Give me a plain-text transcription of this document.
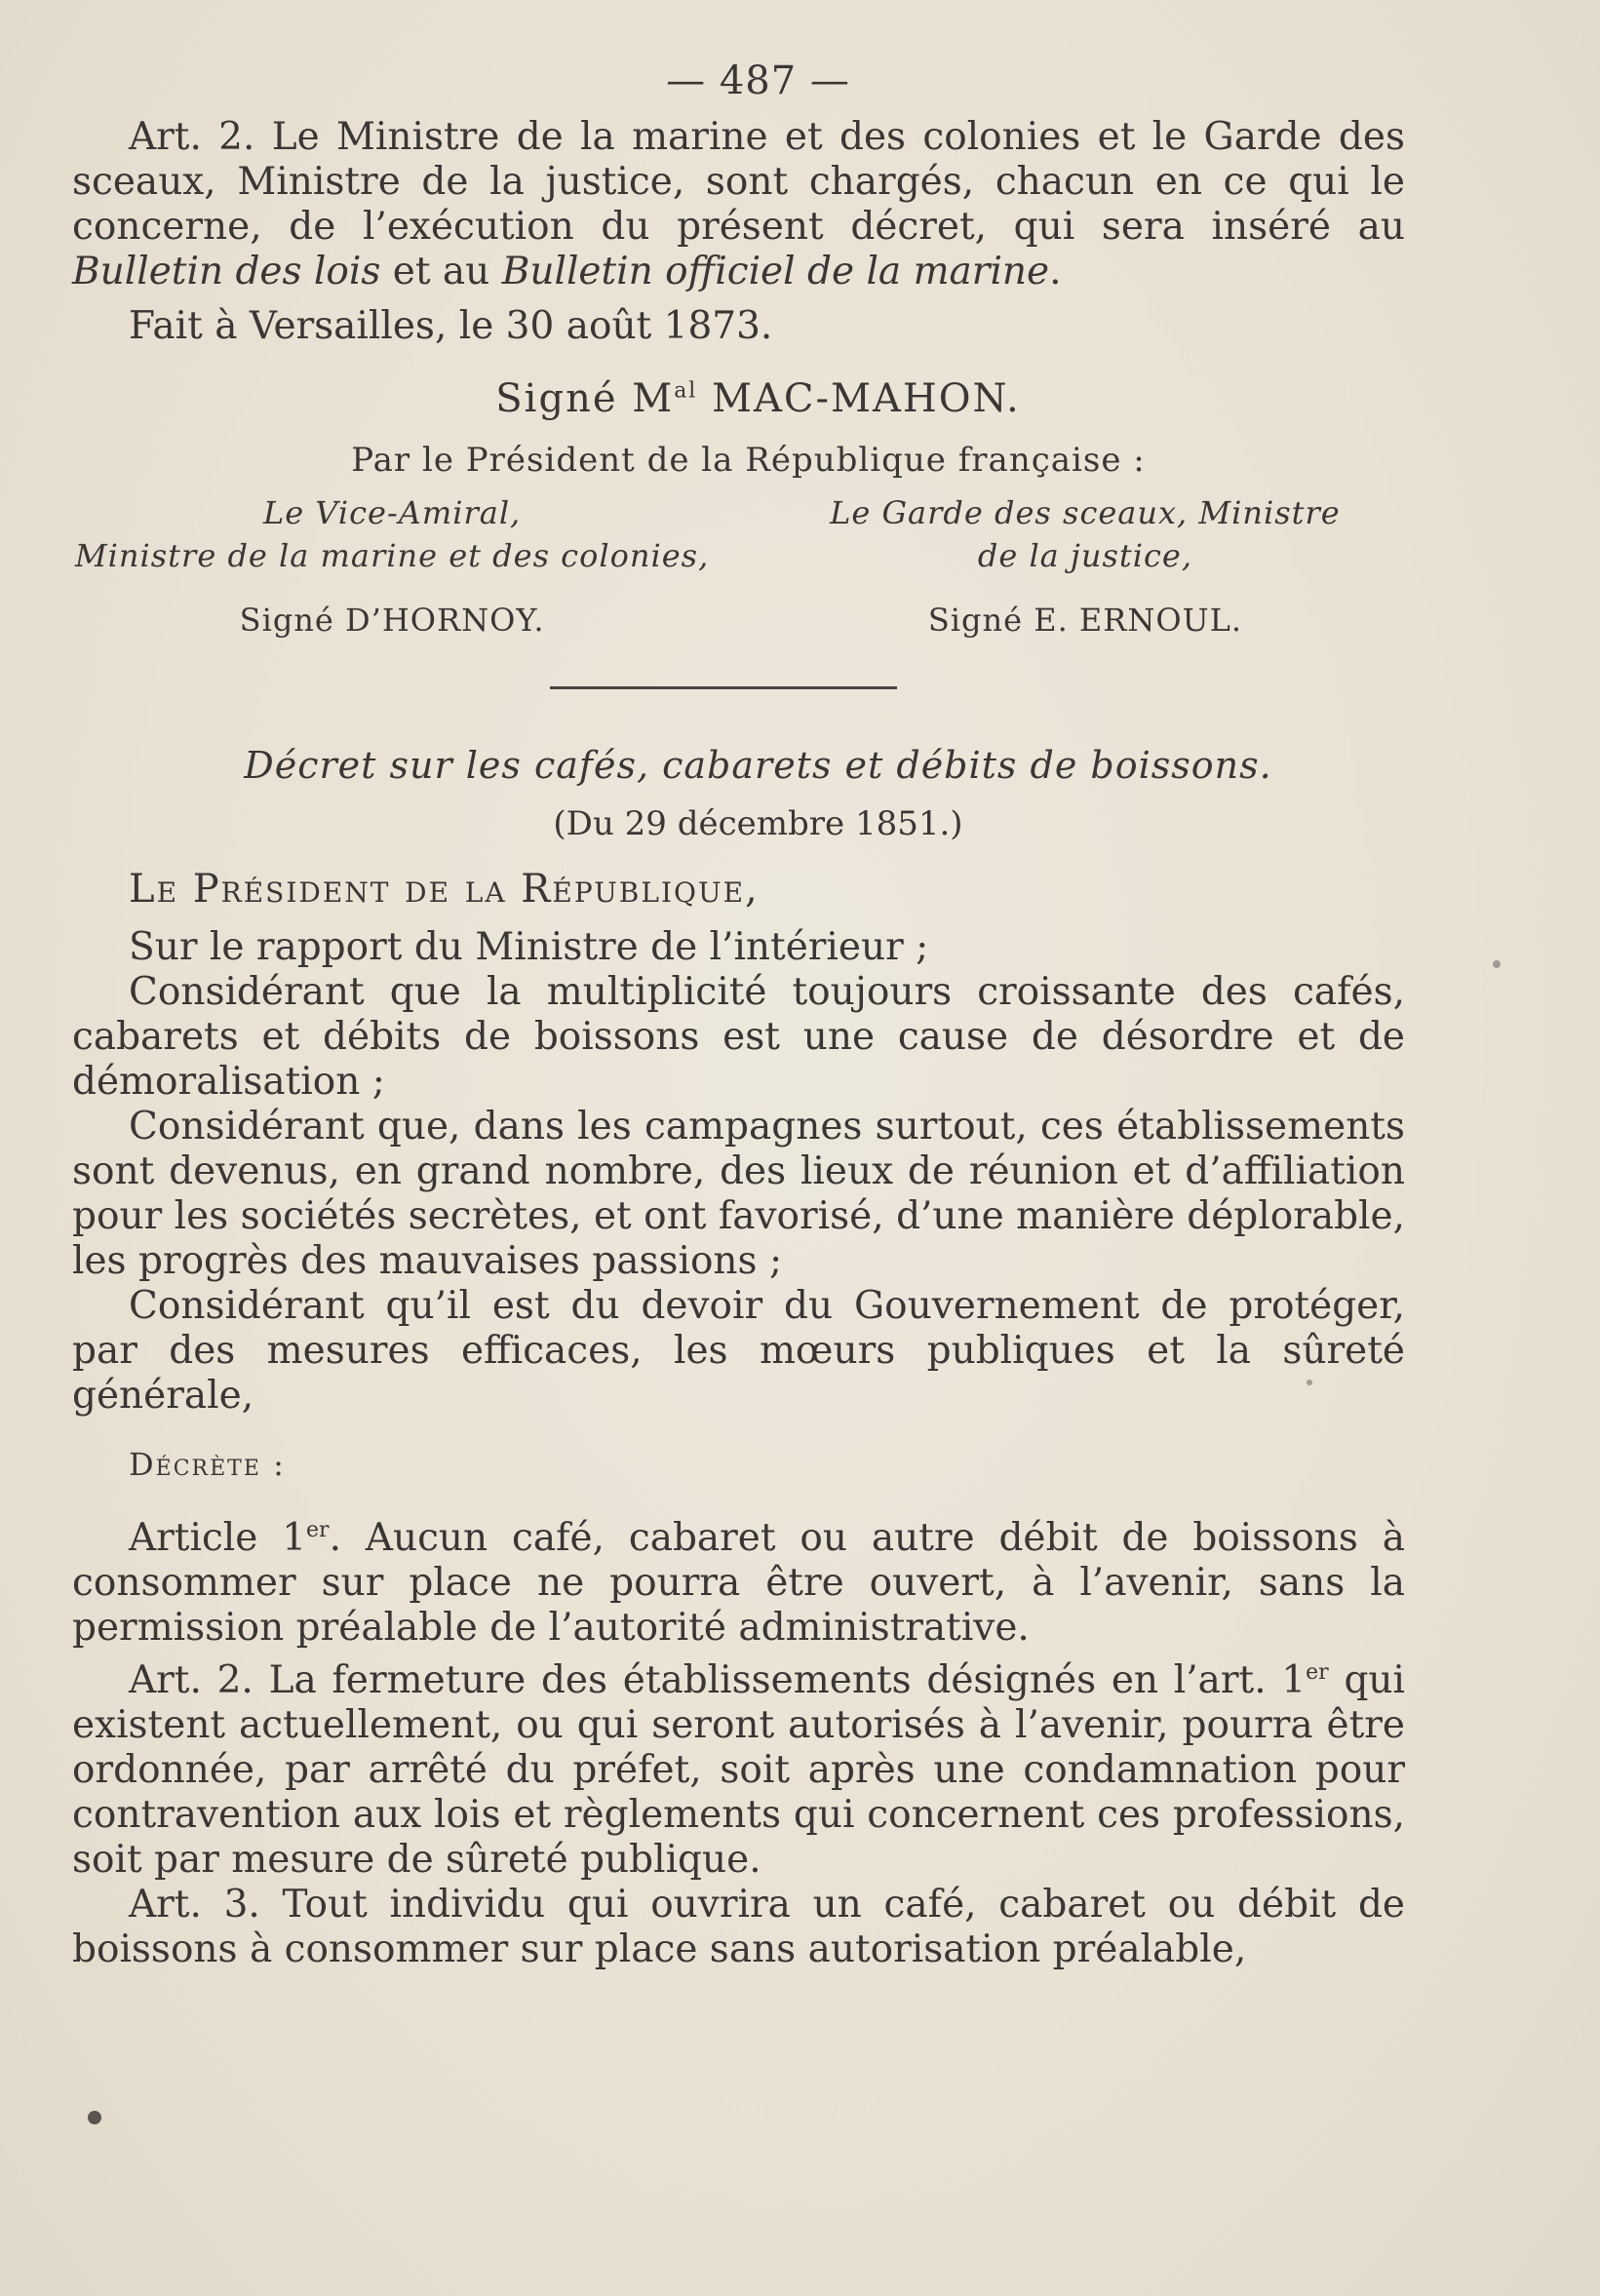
— 487 —

Art. 2. Le Ministre de la marine et des colonies et le Garde des sceaux, Ministre de la justice, sont chargés, chacun en ce qui le concerne, de l’exécution du présent décret, qui sera inséré au Bulletin des lois et au Bulletin officiel de la marine.

Fait à Versailles, le 30 août 1873.

Signé $M^{al}$ MAC-MAHON.
Par le Président de la République française :
Le Vice-Amiral,
Ministre de la marine et des colonies,
Signé D’HORNOY.
Le Garde des sceaux, Ministre
de la justice,
Signé E. ERNOUL.
Décret sur les cafés, cabarets et débits de boissons.
(Du 29 décembre 1851.)

Le Président de la République,

Sur le rapport du Ministre de l’intérieur ;

Considérant que la multiplicité toujours croissante des cafés, cabarets et débits de boissons est une cause de désordre et de démoralisation ;

Considérant que, dans les campagnes surtout, ces établissements sont devenus, en grand nombre, des lieux de réunion et d’affiliation pour les sociétés secrètes, et ont favorisé, d’une manière déplorable, les progrès des mauvaises passions ;

Considérant qu’il est du devoir du Gouvernement de protéger, par des mesures efficaces, les mœurs publiques et la sûreté générale,

Décrète :

Article 1er. Aucun café, cabaret ou autre débit de boissons à consommer sur place ne pourra être ouvert, à l’avenir, sans la permission préalable de l’autorité administrative.

Art. 2. La fermeture des établissements désignés en l’art. 1er qui existent actuellement, ou qui seront autorisés à l’avenir, pourra être ordonnée, par arrêté du préfet, soit après une condamnation pour contravention aux lois et règlements qui concernent ces professions, soit par mesure de sûreté publique.

Art. 3. Tout individu qui ouvrira un café, cabaret ou débit de boissons à consommer sur place sans autorisation préalable,
